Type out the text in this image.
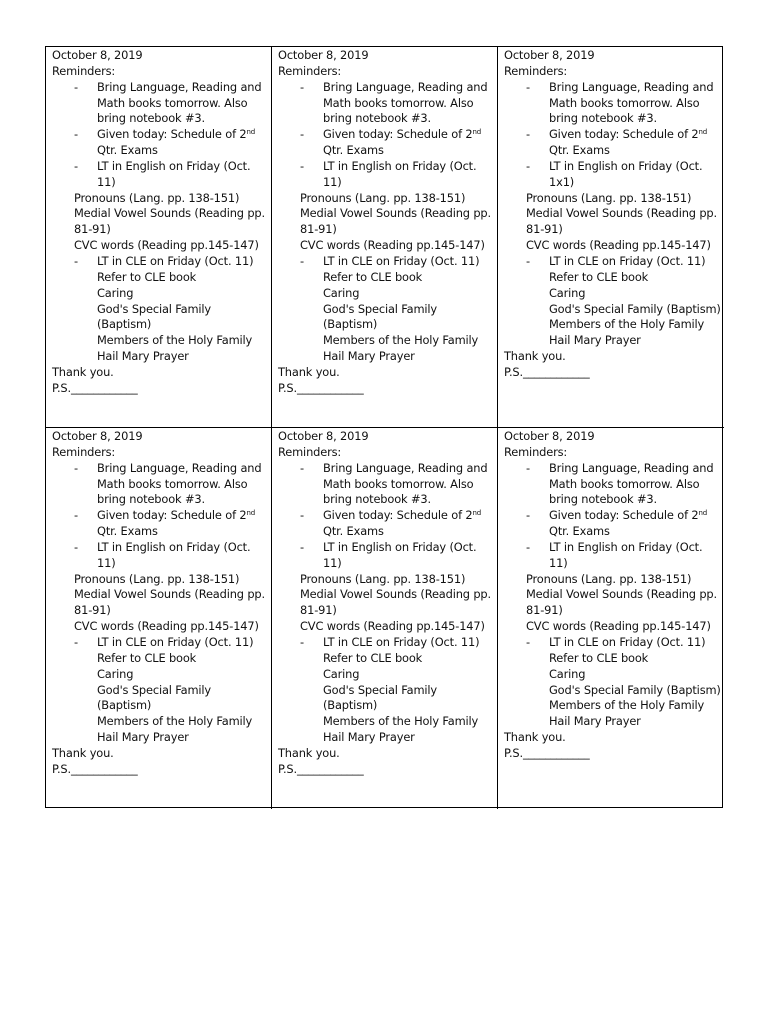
October 8, 2019
Reminders:
- Bring Language, Reading and Math books tomorrow. Also bring notebook #3.
- Given today: Schedule of 2nd Qtr. Exams
- LT in English on Friday (Oct. 11)
Pronouns (Lang. pp. 138-151)
Medial Vowel Sounds (Reading pp. 81-91)
CVC words (Reading pp.145-147)
- LT in CLE on Friday (Oct. 11) Refer to CLE book
Caring
God's Special Family (Baptism)
Members of the Holy Family
Hail Mary Prayer
Thank you.
P.S.____________
October 8, 2019
Reminders:
- Bring Language, Reading and Math books tomorrow. Also bring notebook #3.
- Given today: Schedule of 2nd Qtr. Exams
- LT in English on Friday (Oct. 11)
Pronouns (Lang. pp. 138-151)
Medial Vowel Sounds (Reading pp. 81-91)
CVC words (Reading pp.145-147)
- LT in CLE on Friday (Oct. 11) Refer to CLE book
Caring
God's Special Family (Baptism)
Members of the Holy Family
Hail Mary Prayer
Thank you.
P.S.____________
October 8, 2019
Reminders:
- Bring Language, Reading and Math books tomorrow. Also bring notebook #3.
- Given today: Schedule of 2nd Qtr. Exams
- LT in English on Friday (Oct. 1x1)
Pronouns (Lang. pp. 138-151)
Medial Vowel Sounds (Reading pp. 81-91)
CVC words (Reading pp.145-147)
- LT in CLE on Friday (Oct. 11) Refer to CLE book
Caring
God's Special Family (Baptism)
Members of the Holy Family
Hail Mary Prayer
Thank you.
P.S.____________
October 8, 2019
Reminders:
- Bring Language, Reading and Math books tomorrow. Also bring notebook #3.
- Given today: Schedule of 2nd Qtr. Exams
- LT in English on Friday (Oct. 11)
Pronouns (Lang. pp. 138-151)
Medial Vowel Sounds (Reading pp. 81-91)
CVC words (Reading pp.145-147)
- LT in CLE on Friday (Oct. 11) Refer to CLE book
Caring
God's Special Family (Baptism)
Members of the Holy Family
Hail Mary Prayer
Thank you.
P.S.____________
October 8, 2019
Reminders:
- Bring Language, Reading and Math books tomorrow. Also bring notebook #3.
- Given today: Schedule of 2nd Qtr. Exams
- LT in English on Friday (Oct. 11)
Pronouns (Lang. pp. 138-151)
Medial Vowel Sounds (Reading pp. 81-91)
CVC words (Reading pp.145-147)
- LT in CLE on Friday (Oct. 11) Refer to CLE book
Caring
God's Special Family (Baptism)
Members of the Holy Family
Hail Mary Prayer
Thank you.
P.S.____________
October 8, 2019
Reminders:
- Bring Language, Reading and Math books tomorrow. Also bring notebook #3.
- Given today: Schedule of 2nd Qtr. Exams
- LT in English on Friday (Oct. 11)
Pronouns (Lang. pp. 138-151)
Medial Vowel Sounds (Reading pp. 81-91)
CVC words (Reading pp.145-147)
- LT in CLE on Friday (Oct. 11) Refer to CLE book
Caring
God's Special Family (Baptism)
Members of the Holy Family
Hail Mary Prayer
Thank you.
P.S.____________
